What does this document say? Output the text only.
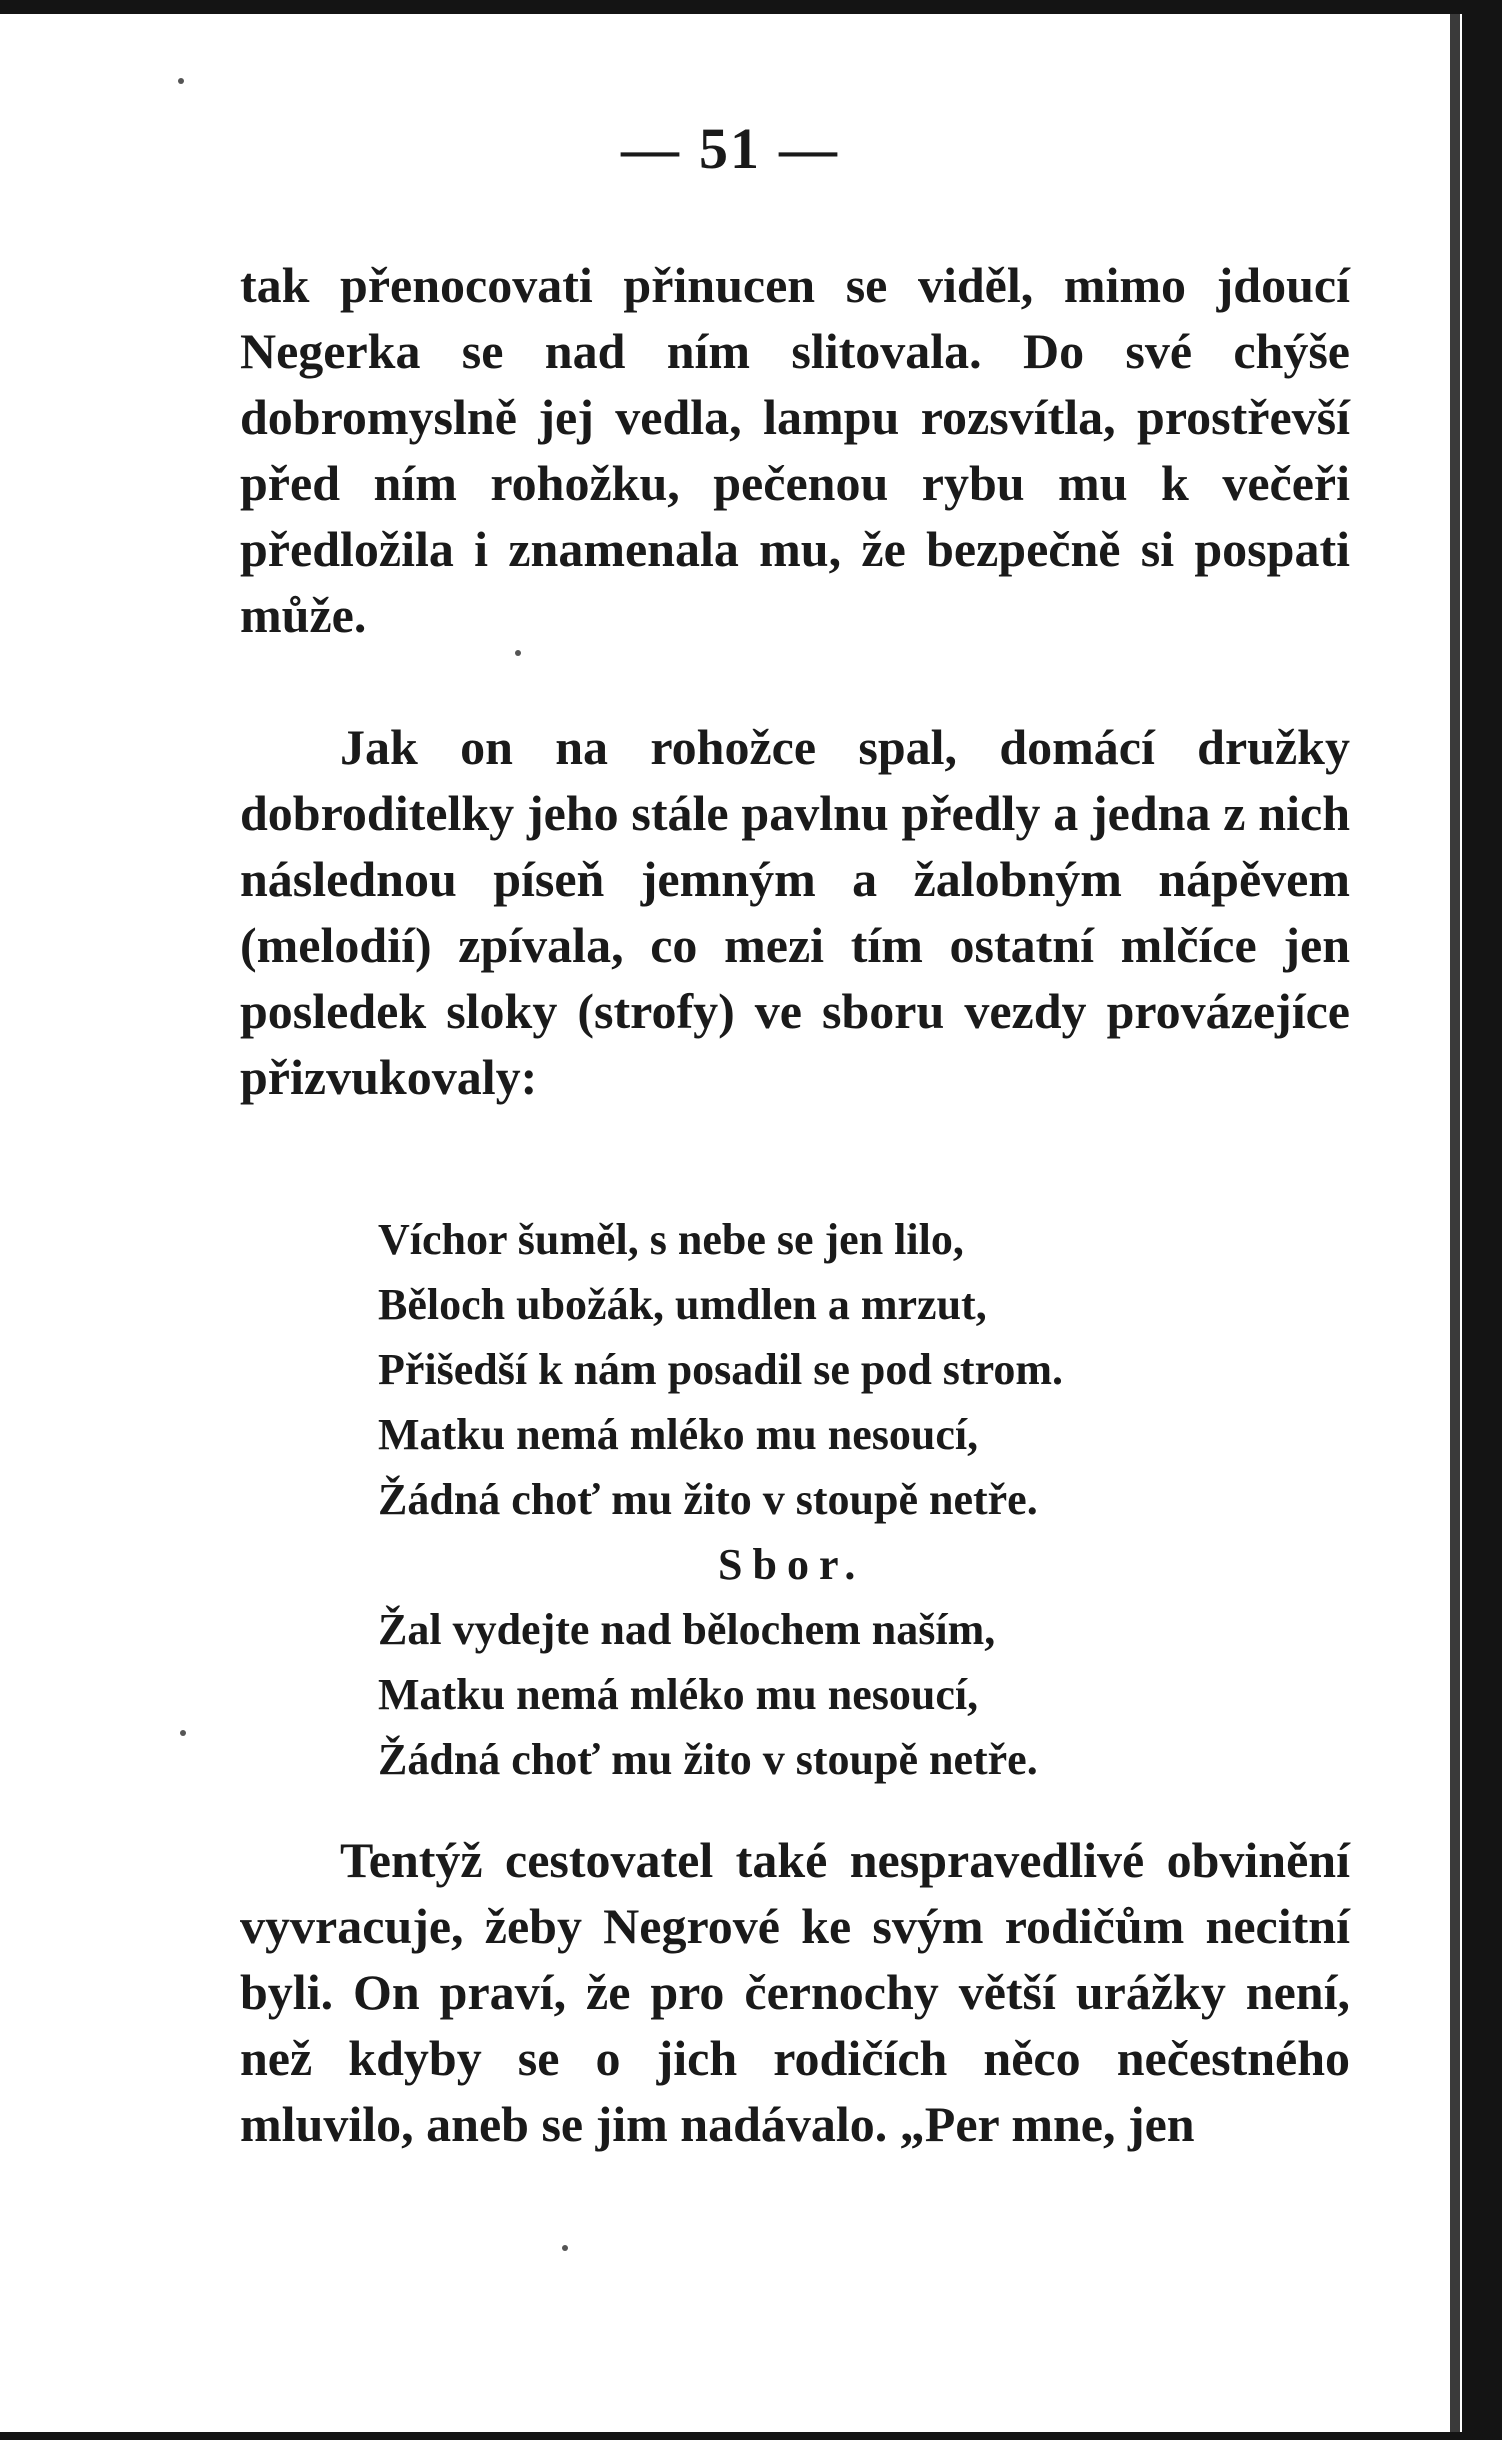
— 51 —

tak přenocovati přinucen se viděl, mimo jdoucí Negerka se nad ním slitovala. Do své chýše dobromyslně jej vedla, lampu rozsvítla, prostřevší před ním rohožku, pečenou rybu mu k večeři předložila i znamenala mu, že bezpečně si pospati může.

Jak on na rohožce spal, domácí družky dobroditelky jeho stále pavlnu předly a jedna z nich následnou píseň jemným a žalobným nápěvem (melodií) zpívala, co mezi tím ostatní mlčíce jen posledek sloky (strofy) ve sboru vezdy provázejíce přizvukovaly:

Víchor šuměl, s nebe se jen lilo,
Běloch ubožák, umdlen a mrzut,
Přišedší k nám posadil se pod strom.
Matku nemá mléko mu nesoucí,
Žádná choť mu žito v stoupě netře.
Sbor.
Žal vydejte nad bělochem naším,
Matku nemá mléko mu nesoucí,
Žádná choť mu žito v stoupě netře.

Tentýž cestovatel také nespravedlivé obvinění vyvracuje, žeby Negrové ke svým rodičům necitní byli. On praví, že pro černochy větší urážky není, než kdyby se o jich rodičích něco nečestného mluvilo, aneb se jim nadávalo. „Per mne, jen
